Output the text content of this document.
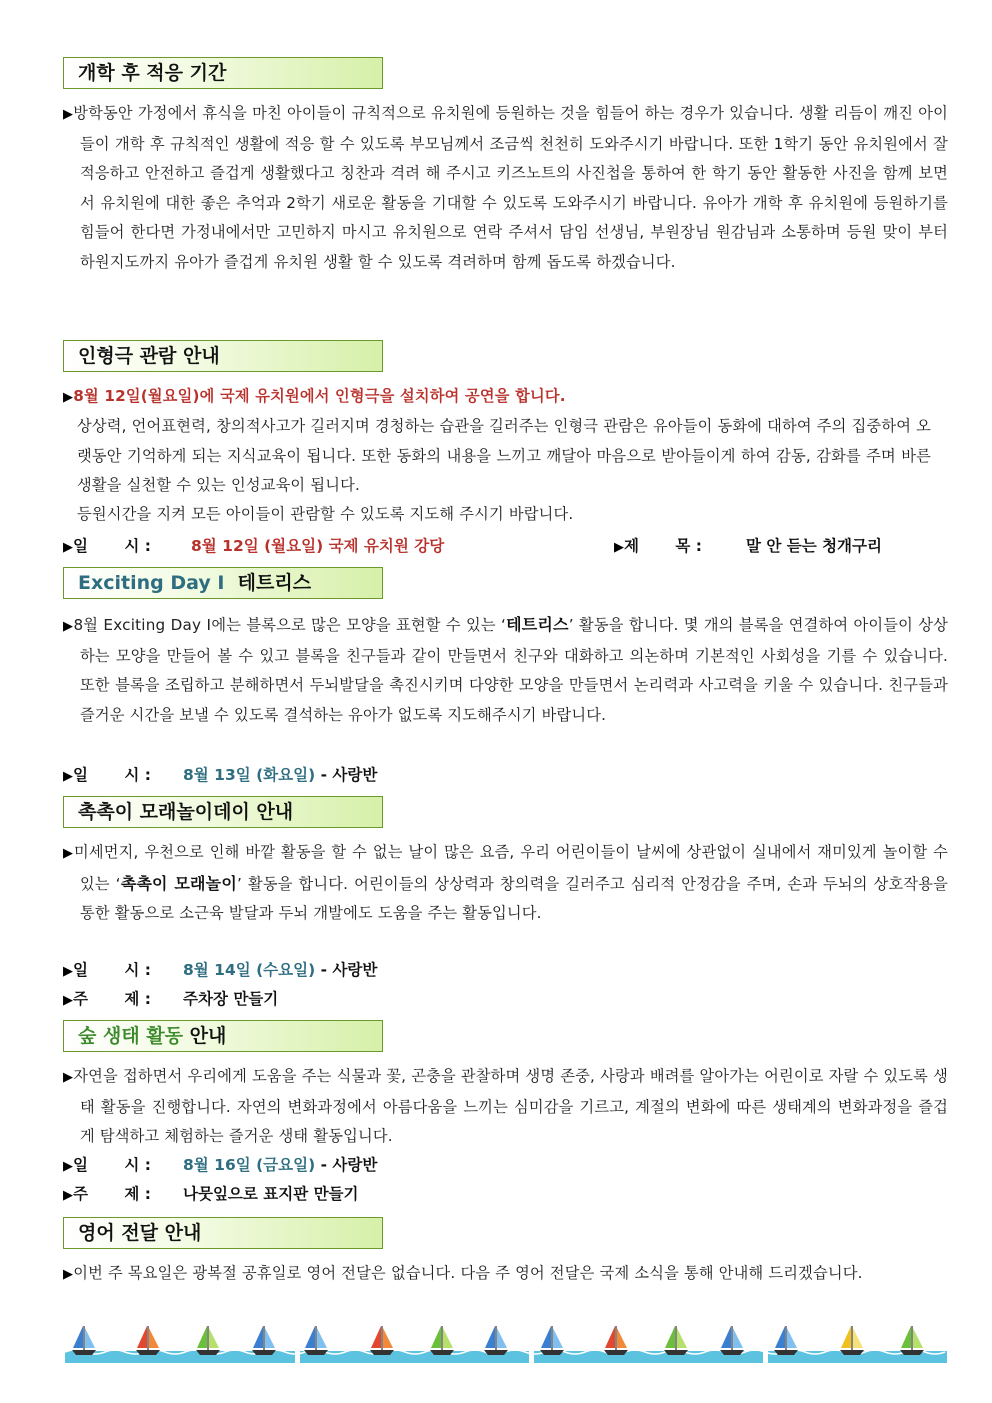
개학 후 적응 기간
▶방학동안 가정에서 휴식을 마친 아이들이 규칙적으로 유치원에 등원하는 것을 힘들어 하는 경우가 있습니다. 생활 리듬이 깨진 아이들이 개학 후 규칙적인 생활에 적응 할 수 있도록 부모님께서 조금씩 천천히 도와주시기 바랍니다. 또한 1학기 동안 유치원에서 잘 적응하고 안전하고 즐겁게 생활했다고 칭찬과 격려 해 주시고 키즈노트의 사진첩을 통하여 한 학기 동안 활동한 사진을 함께 보면서 유치원에 대한 좋은 추억과 2학기 새로운 활동을 기대할 수 있도록 도와주시기 바랍니다. 유아가 개학 후 유치원에 등원하기를 힘들어 한다면 가정내에서만 고민하지 마시고 유치원으로 연락 주셔서 담임 선생님, 부원장님 원감님과 소통하며 등원 맞이 부터 하원지도까지 유아가 즐겁게 유치원 생활 할 수 있도록 격려하며 함께 돕도록 하겠습니다.
인형극 관람 안내
▶8월 12일(월요일)에 국제 유치원에서 인형극을 설치하여 공연을 합니다.
상상력, 언어표현력, 창의적사고가 길러지며 경청하는 습관을 길러주는 인형극 관람은 유아들이 동화에 대하여 주의 집중하여 오랫동안 기억하게 되는 지식교육이 됩니다. 또한 동화의 내용을 느끼고 깨달아 마음으로 받아들이게 하여 감동, 감화를 주며 바른생활을 실천할 수 있는 인성교육이 됩니다.
등원시간을 지켜 모든 아이들이 관람할 수 있도록 지도해 주시기 바랍니다.
▶일　　 시 :	8월 12일 (월요일) 국제 유치원 강당	▶제　　 목 :	말 안 듣는 청개구리
Exciting Day Ⅰ 테트리스
▶8월 Exciting Day Ⅰ에는 블록으로 많은 모양을 표현할 수 있는 ‘테트리스’ 활동을 합니다. 몇 개의 블록을 연결하여 아이들이 상상하는 모양을 만들어 볼 수 있고 블록을 친구들과 같이 만들면서 친구와 대화하고 의논하며 기본적인 사회성을 기를 수 있습니다. 또한 블록을 조립하고 분해하면서 두뇌발달을 촉진시키며 다양한 모양을 만들면서 논리력과 사고력을 키울 수 있습니다. 친구들과 즐거운 시간을 보낼 수 있도록 결석하는 유아가 없도록 지도해주시기 바랍니다.
▶일　　 시 : 8월 13일 (화요일) - 사랑반
촉촉이 모래놀이데이 안내
▶미세먼지, 우천으로 인해 바깥 활동을 할 수 없는 날이 많은 요즘, 우리 어린이들이 날씨에 상관없이 실내에서 재미있게 놀이할 수 있는 ‘촉촉이 모래놀이’ 활동을 합니다. 어린이들의 상상력과 창의력을 길러주고 심리적 안정감을 주며, 손과 두뇌의 상호작용을 통한 활동으로 소근육 발달과 두뇌 개발에도 도움을 주는 활동입니다.
▶일　　 시 : 8월 14일 (수요일) - 사랑반
▶주　　 제 : 주차장 만들기
숲 생태 활동 안내
▶자연을 접하면서 우리에게 도움을 주는 식물과 꽃, 곤충을 관찰하며 생명 존중, 사랑과 배려를 알아가는 어린이로 자랄 수 있도록 생태 활동을 진행합니다. 자연의 변화과정에서 아름다움을 느끼는 심미감을 기르고, 계절의 변화에 따른 생태계의 변화과정을 즐겁게 탐색하고 체험하는 즐거운 생태 활동입니다.
▶일　　 시 : 8월 16일 (금요일) - 사랑반
▶주　　 제 : 나뭇잎으로 표지판 만들기
영어 전달 안내
▶이번 주 목요일은 광복절 공휴일로 영어 전달은 없습니다. 다음 주 영어 전달은 국제 소식을 통해 안내해 드리겠습니다.
